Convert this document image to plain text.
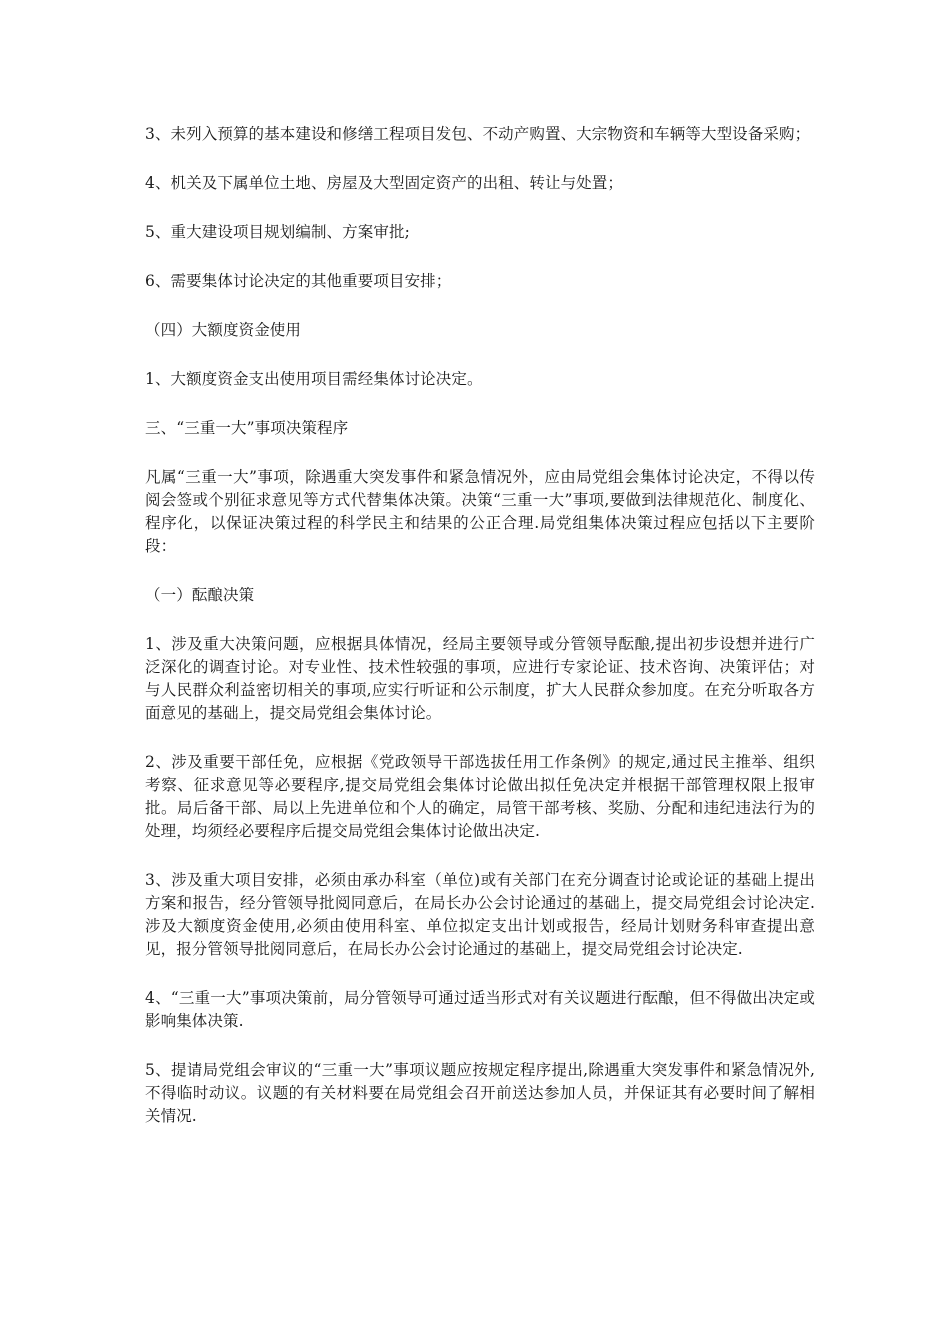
3、未列入预算的基本建设和修缮工程项目发包、不动产购置、大宗物资和车辆等大型设备采购；

4、机关及下属单位土地、房屋及大型固定资产的出租、转让与处置；

5、重大建设项目规划编制、方案审批;

6、需要集体讨论决定的其他重要项目安排；

（四）大额度资金使用

1、大额度资金支出使用项目需经集体讨论决定。

三、“三重一大”事项决策程序

凡属“三重一大”事项，除遇重大突发事件和紧急情况外，应由局党组会集体讨论决定，不得以传阅会签或个别征求意见等方式代替集体决策。决策“三重一大”事项,要做到法律规范化、制度化、程序化，以保证决策过程的科学民主和结果的公正合理.局党组集体决策过程应包括以下主要阶段：

（一）酝酿决策

1、涉及重大决策问题，应根据具体情况，经局主要领导或分管领导酝酿,提出初步设想并进行广泛深化的调查讨论。对专业性、技术性较强的事项，应进行专家论证、技术咨询、决策评估；对与人民群众利益密切相关的事项,应实行听证和公示制度，扩大人民群众参加度。在充分听取各方面意见的基础上，提交局党组会集体讨论。

2、涉及重要干部任免，应根据《党政领导干部选拔任用工作条例》的规定,通过民主推举、组织考察、征求意见等必要程序,提交局党组会集体讨论做出拟任免决定并根据干部管理权限上报审批。局后备干部、局以上先进单位和个人的确定，局管干部考核、奖励、分配和违纪违法行为的处理，均须经必要程序后提交局党组会集体讨论做出决定.

3、涉及重大项目安排，必须由承办科室（单位)或有关部门在充分调查讨论或论证的基础上提出方案和报告，经分管领导批阅同意后，在局长办公会讨论通过的基础上，提交局党组会讨论决定.涉及大额度资金使用,必须由使用科室、单位拟定支出计划或报告，经局计划财务科审查提出意见，报分管领导批阅同意后，在局长办公会讨论通过的基础上，提交局党组会讨论决定.

4、“三重一大”事项决策前，局分管领导可通过适当形式对有关议题进行酝酿，但不得做出决定或影响集体决策.

5、提请局党组会审议的“三重一大”事项议题应按规定程序提出,除遇重大突发事件和紧急情况外,不得临时动议。议题的有关材料要在局党组会召开前送达参加人员，并保证其有必要时间了解相关情况.
